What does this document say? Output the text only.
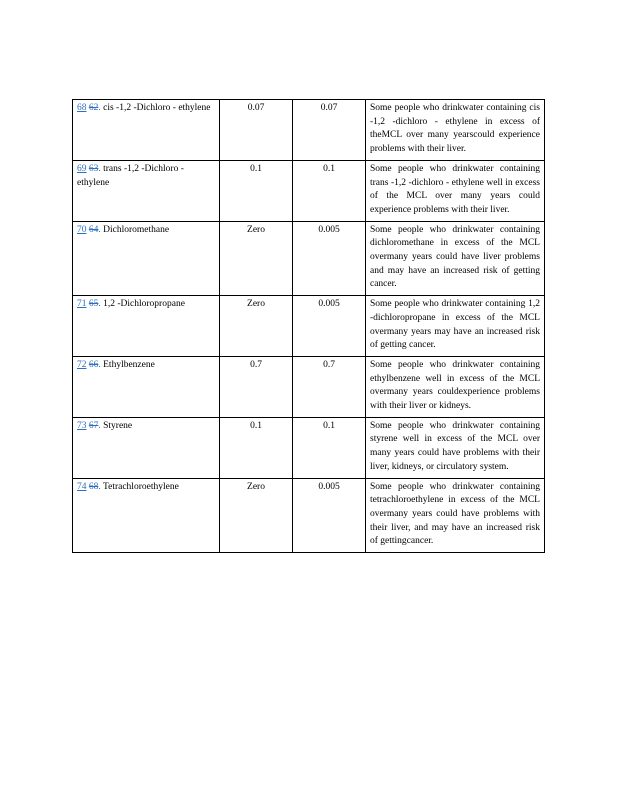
68 62. cis -1,2 -Dichloro - ethylene	0.07	0.07	Some people who drinkwater containing cis -1,2 -dichloro - ethylene in excess of theMCL over many yearscould experience problems with their liver.
69 63. trans -1,2 -Dichloro - ethylene	0.1	0.1	Some people who drinkwater containing trans -1,2 -dichloro - ethylene well in excess of the MCL over many years could experience problems with their liver.
70 64. Dichloromethane	Zero	0.005	Some people who drinkwater containing dichloromethane in excess of the MCL overmany years could have liver problems and may have an increased risk of getting cancer.
71 65. 1,2 -Dichloropropane	Zero	0.005	Some people who drinkwater containing 1,2 -dichloropropane in excess of the MCL overmany years may have an increased risk of getting cancer.
72 66. Ethylbenzene	0.7	0.7	Some people who drinkwater containing ethylbenzene well in excess of the MCL overmany years couldexperience problems with their liver or kidneys.
73 67. Styrene	0.1	0.1	Some people who drinkwater containing styrene well in excess of the MCL over many years could have problems with their liver, kidneys, or circulatory system.
74 68. Tetrachloroethylene	Zero	0.005	Some people who drinkwater containing tetrachloroethylene in excess of the MCL overmany years could have problems with their liver, and may have an increased risk of gettingcancer.
